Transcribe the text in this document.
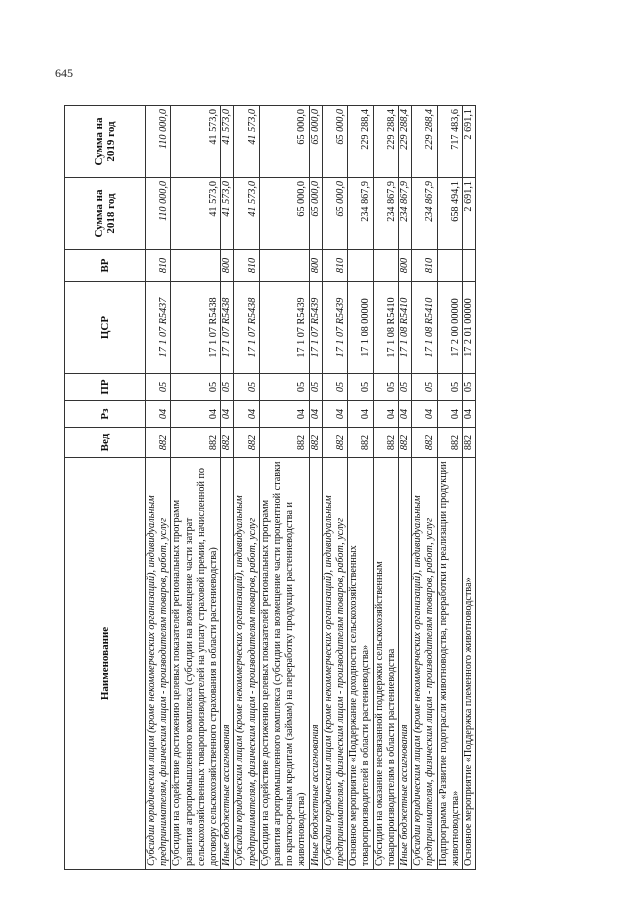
645
Наименование	Вед	Рз	ПР	ЦСР	ВР	Сумма на 2018 год	Сумма на 2019 год
Субсидии юридическим лицам (кроме некоммерческих организаций), индивидуальным предпринимателям, физическим лицам - производителям товаров, работ, услуг	882	04	05	17 1 07 R5437	810	110 000,0	110 000,0
Субсидии на содействие достижению целевых показателей региональных программ развития агропромышленного комплекса (субсидии на возмещение части затрат сельскохозяйственных товаропроизводителей на уплату страховой премии, начисленной по договору сельскохозяйственного страхования в области растениеводства)	882	04	05	17 1 07 R5438		41 573,0	41 573,0
Иные бюджетные ассигнования	882	04	05	17 1 07 R5438	800	41 573,0	41 573,0
Субсидии юридическим лицам (кроме некоммерческих организаций), индивидуальным предпринимателям, физическим лицам - производителям товаров, работ, услуг	882	04	05	17 1 07 R5438	810	41 573,0	41 573,0
Субсидии на содействие достижению целевых показателей региональных программ развития агропромышленного комплекса (субсидии на возмещение части процентной ставки по краткосрочным кредитам (займам) на переработку продукции растениеводства и животноводства)	882	04	05	17 1 07 R5439		65 000,0	65 000,0
Иные бюджетные ассигнования	882	04	05	17 1 07 R5439	800	65 000,0	65 000,0
Субсидии юридическим лицам (кроме некоммерческих организаций), индивидуальным предпринимателям, физическим лицам - производителям товаров, работ, услуг	882	04	05	17 1 07 R5439	810	65 000,0	65 000,0
Основное мероприятие «Поддержание доходности сельскохозяйственных товаропроизводителей в области растениеводства»	882	04	05	17 1 08 00000		234 867,9	229 288,4
Субсидии на оказание несвязанной поддержки сельскохозяйственным товаропроизводителям в области растениеводства	882	04	05	17 1 08 R5410		234 867,9	229 288,4
Иные бюджетные ассигнования	882	04	05	17 1 08 R5410	800	234 867,9	229 288,4
Субсидии юридическим лицам (кроме некоммерческих организаций), индивидуальным предпринимателям, физическим лицам - производителям товаров, работ, услуг	882	04	05	17 1 08 R5410	810	234 867,9	229 288,4
Подпрограмма «Развитие подотрасли животноводства, переработки и реализации продукции животноводства»	882	04	05	17 2 00 00000		658 494,1	717 483,6
Основное мероприятие «Поддержка племенного животноводства»	882	04	05	17 2 01 00000		2 691,1	2 691,1
